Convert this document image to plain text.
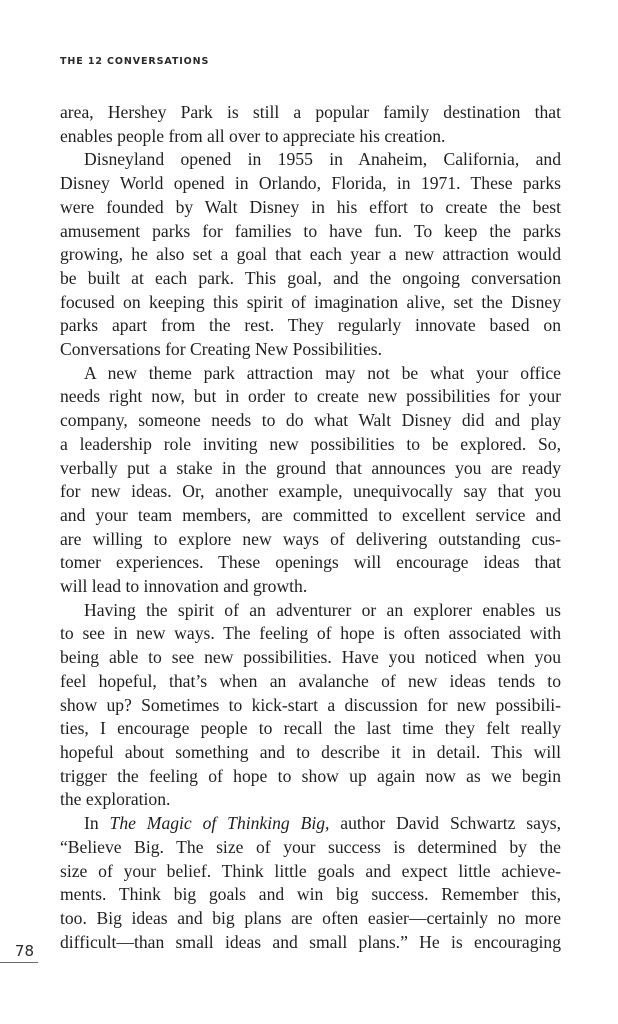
THE 12 CONVERSATIONS
area, Hershey Park is still a popular family destination that
enables people from all over to appreciate his creation.
Disneyland opened in 1955 in Anaheim, California, and
Disney World opened in Orlando, Florida, in 1971. These parks
were founded by Walt Disney in his effort to create the best
amusement parks for families to have fun. To keep the parks
growing, he also set a goal that each year a new attraction would
be built at each park. This goal, and the ongoing conversation
focused on keeping this spirit of imagination alive, set the Disney
parks apart from the rest. They regularly innovate based on
Conversations for Creating New Possibilities.
A new theme park attraction may not be what your office
needs right now, but in order to create new possibilities for your
company, someone needs to do what Walt Disney did and play
a leadership role inviting new possibilities to be explored. So,
verbally put a stake in the ground that announces you are ready
for new ideas. Or, another example, unequivocally say that you
and your team members, are committed to excellent service and
are willing to explore new ways of delivering outstanding cus-
tomer experiences. These openings will encourage ideas that
will lead to innovation and growth.
Having the spirit of an adventurer or an explorer enables us
to see in new ways. The feeling of hope is often associated with
being able to see new possibilities. Have you noticed when you
feel hopeful, that’s when an avalanche of new ideas tends to
show up? Sometimes to kick-start a discussion for new possibili-
ties, I encourage people to recall the last time they felt really
hopeful about something and to describe it in detail. This will
trigger the feeling of hope to show up again now as we begin
the exploration.
In The Magic of Thinking Big, author David Schwartz says,
“Believe Big. The size of your success is determined by the
size of your belief. Think little goals and expect little achieve-
ments. Think big goals and win big success. Remember this,
too. Big ideas and big plans are often easier—certainly no more
difficult—than small ideas and small plans.” He is encouraging
78
